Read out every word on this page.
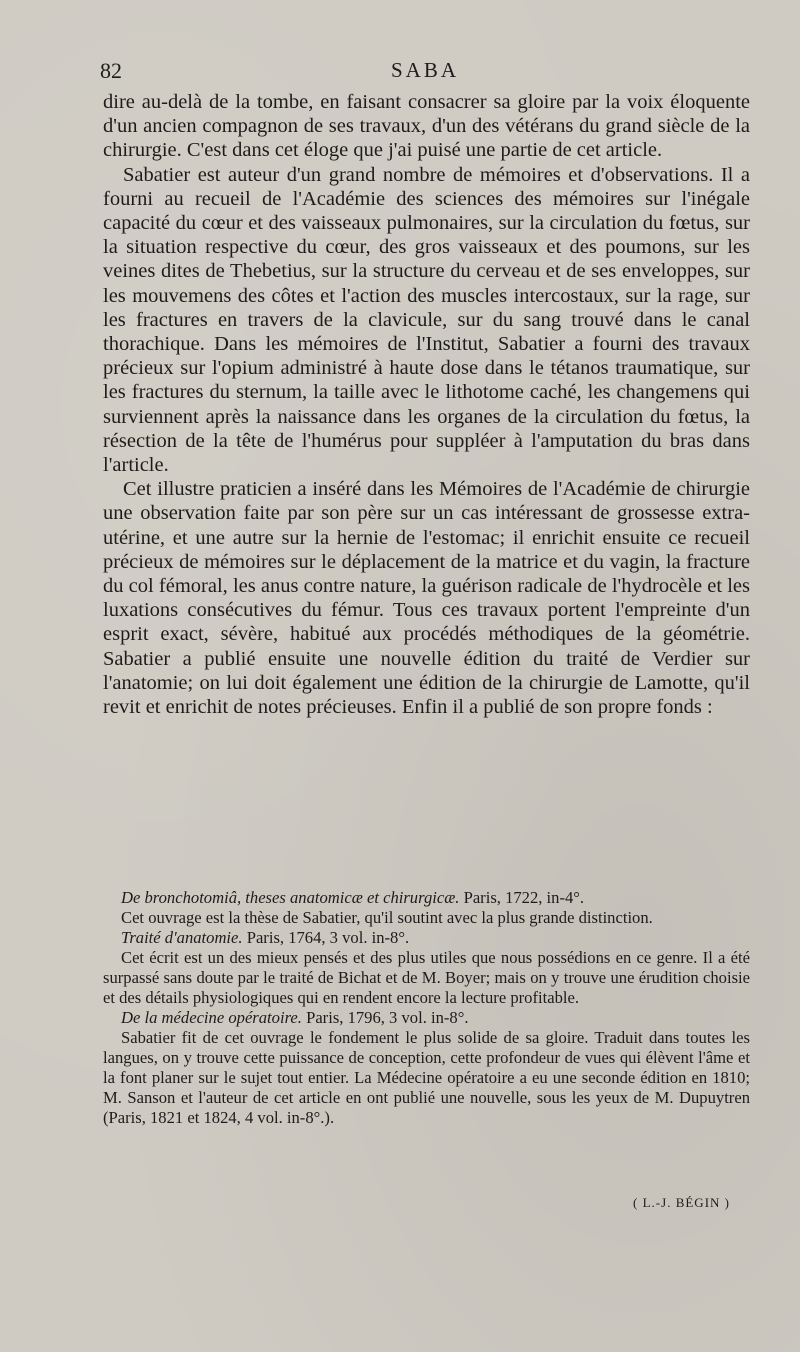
82	SABA

dire au-delà de la tombe, en faisant consacrer sa gloire par la voix éloquente d'un ancien compagnon de ses travaux, d'un des vétérans du grand siècle de la chirurgie. C'est dans cet éloge que j'ai puisé une partie de cet article.

Sabatier est auteur d'un grand nombre de mémoires et d'observations. Il a fourni au recueil de l'Académie des sciences des mémoires sur l'inégale capacité du cœur et des vaisseaux pulmonaires, sur la circulation du fœtus, sur la situation respective du cœur, des gros vaisseaux et des poumons, sur les veines dites de Thebetius, sur la structure du cerveau et de ses enveloppes, sur les mouvemens des côtes et l'action des muscles intercostaux, sur la rage, sur les fractures en travers de la clavicule, sur du sang trouvé dans le canal thorachique. Dans les mémoires de l'Institut, Sabatier a fourni des travaux précieux sur l'opium administré à haute dose dans le tétanos traumatique, sur les fractures du sternum, la taille avec le lithotome caché, les changemens qui surviennent après la naissance dans les organes de la circulation du fœtus, la résection de la tête de l'humérus pour suppléer à l'amputation du bras dans l'article.

Cet illustre praticien a inséré dans les Mémoires de l'Académie de chirurgie une observation faite par son père sur un cas intéressant de grossesse extra-utérine, et une autre sur la hernie de l'estomac; il enrichit ensuite ce recueil précieux de mémoires sur le déplacement de la matrice et du vagin, la fracture du col fémoral, les anus contre nature, la guérison radicale de l'hydrocèle et les luxations consécutives du fémur. Tous ces travaux portent l'empreinte d'un esprit exact, sévère, habitué aux procédés méthodiques de la géométrie. Sabatier a publié ensuite une nouvelle édition du traité de Verdier sur l'anatomie; on lui doit également une édition de la chirurgie de Lamotte, qu'il revit et enrichit de notes précieuses. Enfin il a publié de son propre fonds :

De bronchotomiâ, theses anatomicæ et chirurgicæ. Paris, 1722, in-4°.

Cet ouvrage est la thèse de Sabatier, qu'il soutint avec la plus grande distinction.

Traité d'anatomie. Paris, 1764, 3 vol. in-8°.

Cet écrit est un des mieux pensés et des plus utiles que nous possédions en ce genre. Il a été surpassé sans doute par le traité de Bichat et de M. Boyer; mais on y trouve une érudition choisie et des détails physiologiques qui en rendent encore la lecture profitable.

De la médecine opératoire. Paris, 1796, 3 vol. in-8°.

Sabatier fit de cet ouvrage le fondement le plus solide de sa gloire. Traduit dans toutes les langues, on y trouve cette puissance de conception, cette profondeur de vues qui élèvent l'âme et la font planer sur le sujet tout entier. La Médecine opératoire a eu une seconde édition en 1810; M. Sanson et l'auteur de cet article en ont publié une nouvelle, sous les yeux de M. Dupuytren (Paris, 1821 et 1824, 4 vol. in-8°.).

( L.-J. BÉGIN )
